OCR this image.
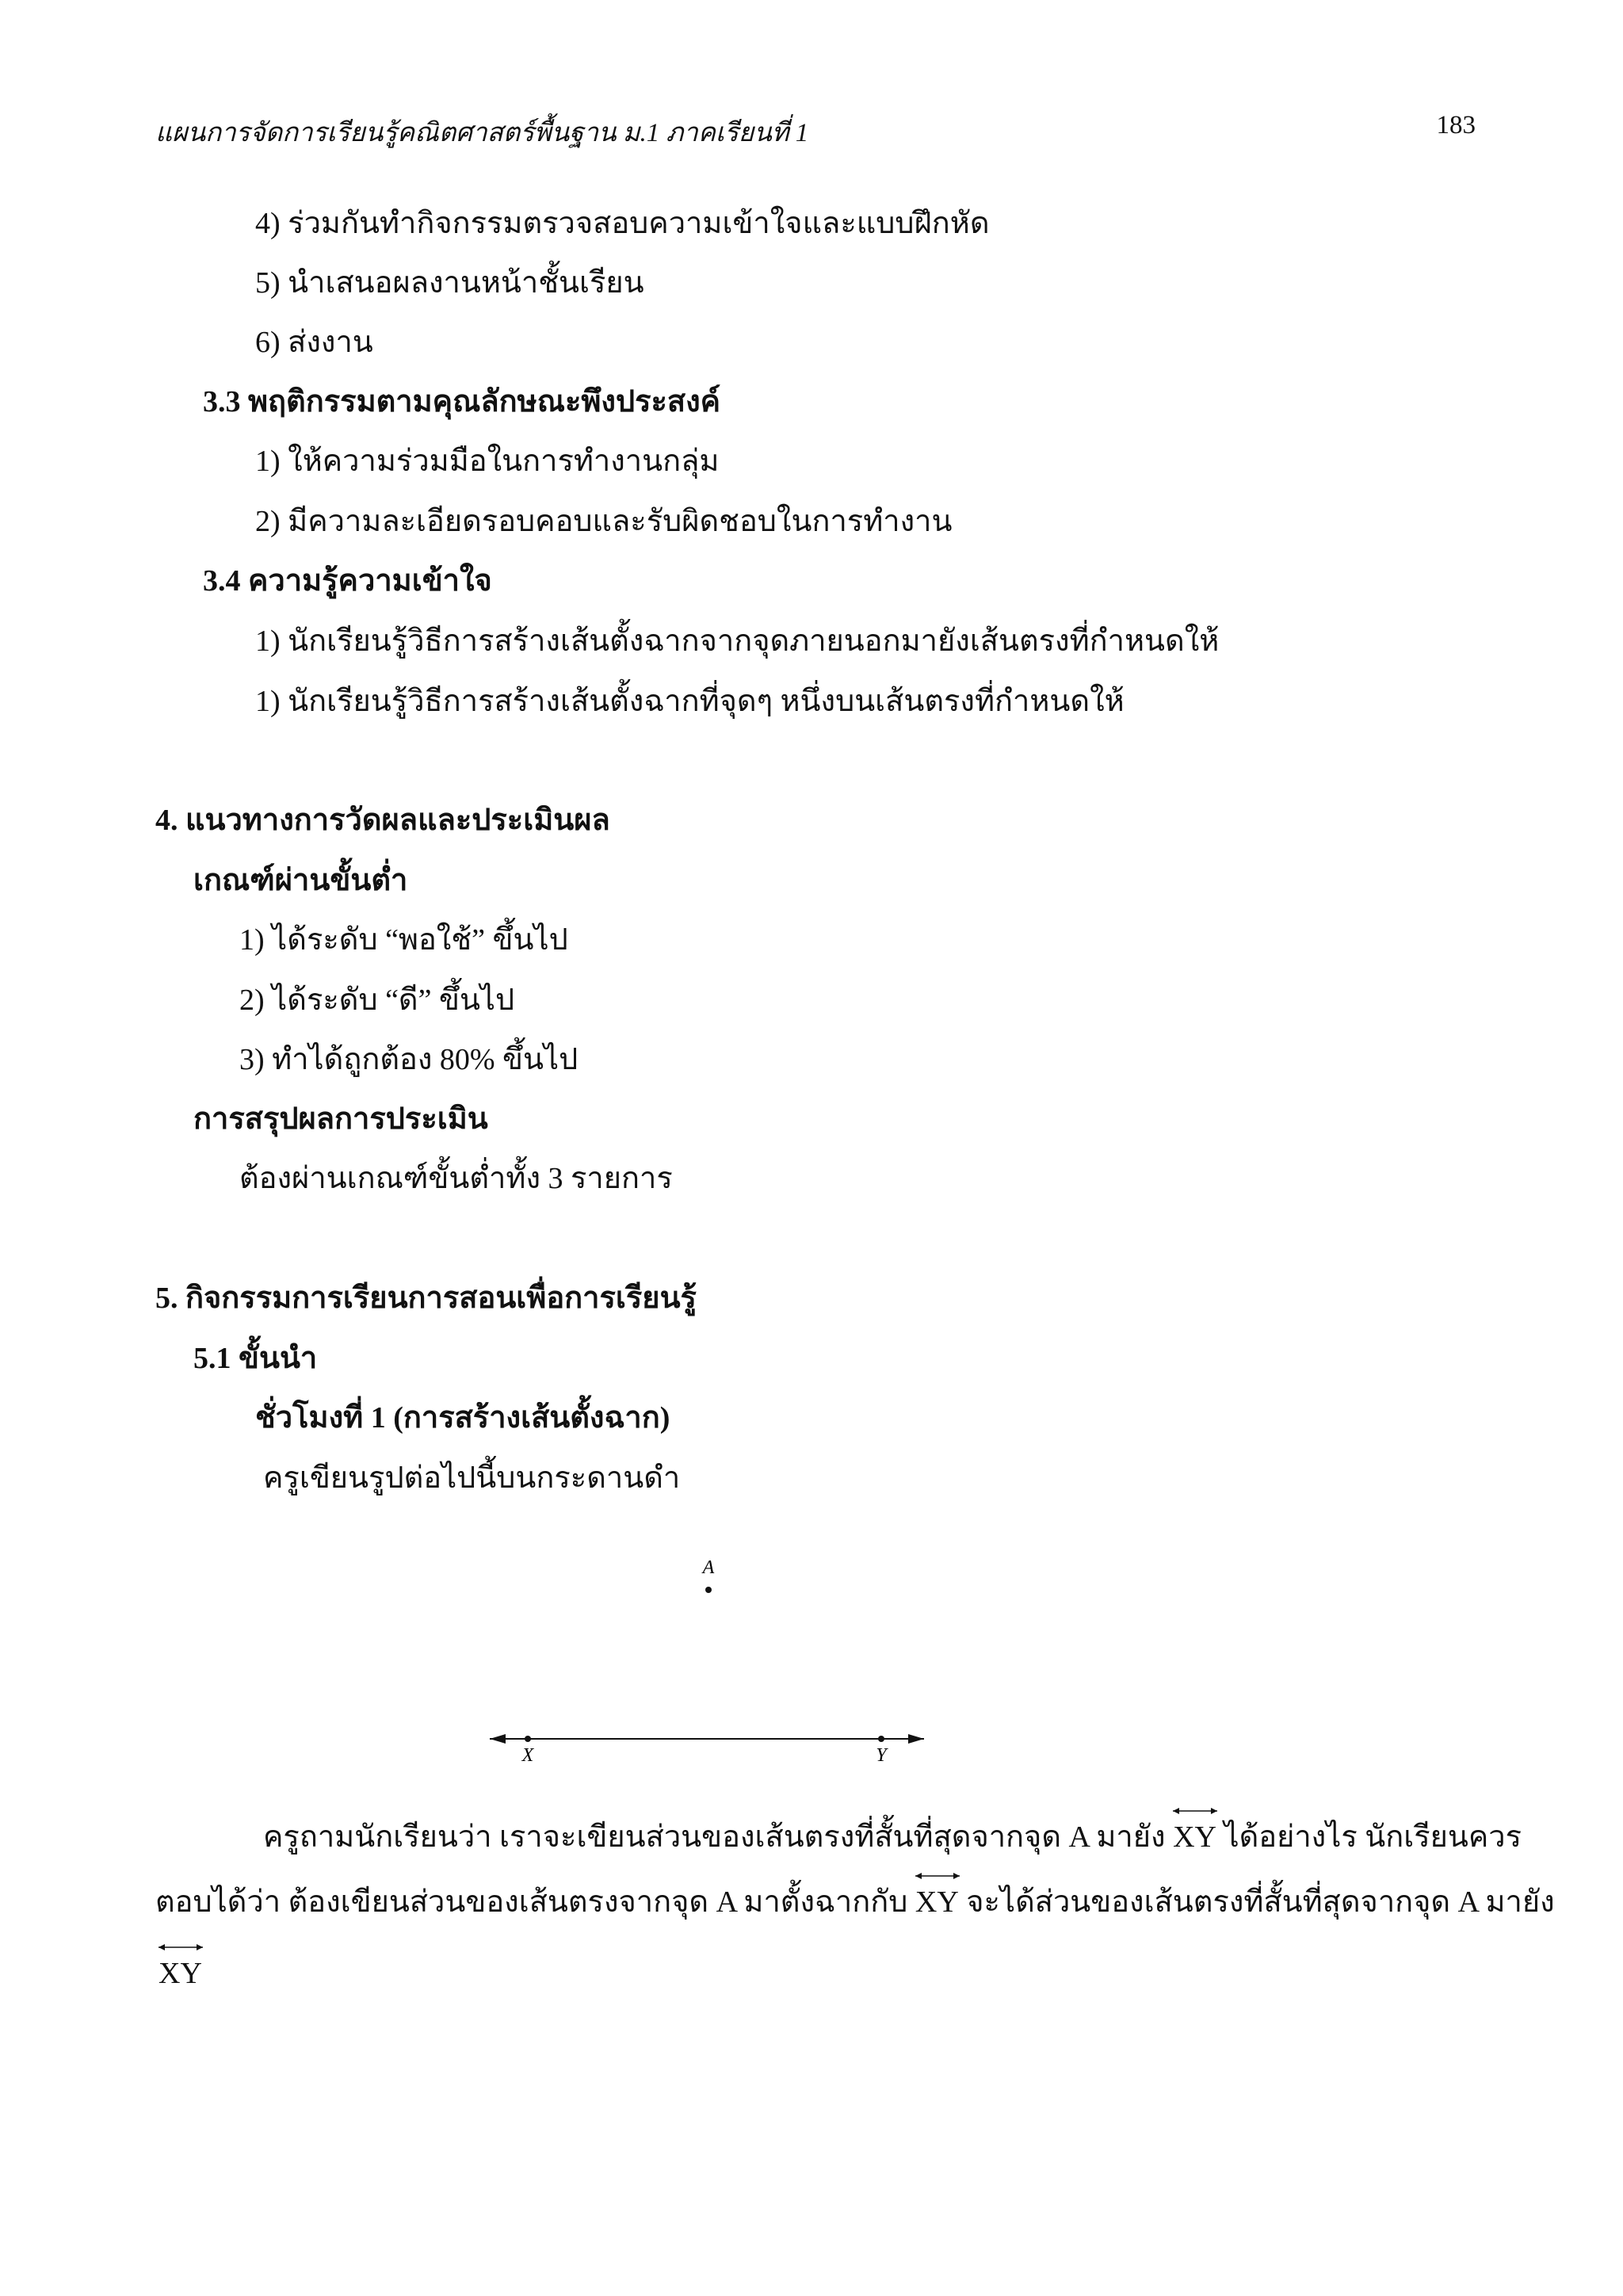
แผนการจัดการเรียนรู้คณิตศาสตร์พื้นฐาน ม.1 ภาคเรียนที่ 1	183
4) ร่วมกันทำกิจกรรมตรวจสอบความเข้าใจและแบบฝึกหัด
5) นำเสนอผลงานหน้าชั้นเรียน
6) ส่งงาน
3.3 พฤติกรรมตามคุณลักษณะพึงประสงค์
1) ให้ความร่วมมือในการทำงานกลุ่ม
2) มีความละเอียดรอบคอบและรับผิดชอบในการทำงาน
3.4 ความรู้ความเข้าใจ
1) นักเรียนรู้วิธีการสร้างเส้นตั้งฉากจากจุดภายนอกมายังเส้นตรงที่กำหนดให้
1) นักเรียนรู้วิธีการสร้างเส้นตั้งฉากที่จุดๆ หนึ่งบนเส้นตรงที่กำหนดให้
4. แนวทางการวัดผลและประเมินผล
เกณฑ์ผ่านขั้นต่ำ
1) ได้ระดับ “พอใช้” ขึ้นไป
2) ได้ระดับ “ดี” ขึ้นไป
3) ทำได้ถูกต้อง 80% ขึ้นไป
การสรุปผลการประเมิน
ต้องผ่านเกณฑ์ขั้นต่ำทั้ง 3 รายการ
5. กิจกรรมการเรียนการสอนเพื่อการเรียนรู้
5.1 ขั้นนำ
ชั่วโมงที่ 1 (การสร้างเส้นตั้งฉาก)
ครูเขียนรูปต่อไปนี้บนกระดานดำ
A
X	Y
ครูถามนักเรียนว่า เราจะเขียนส่วนของเส้นตรงที่สั้นที่สุดจากจุด A มายัง
XY ได้อย่างไร นักเรียนควร
ตอบได้ว่า ต้องเขียนส่วนของเส้นตรงจากจุด A มาตั้งฉากกับ
XY จะได้ส่วนของเส้นตรงที่สั้นที่สุดจากจุด A มายัง
XY
